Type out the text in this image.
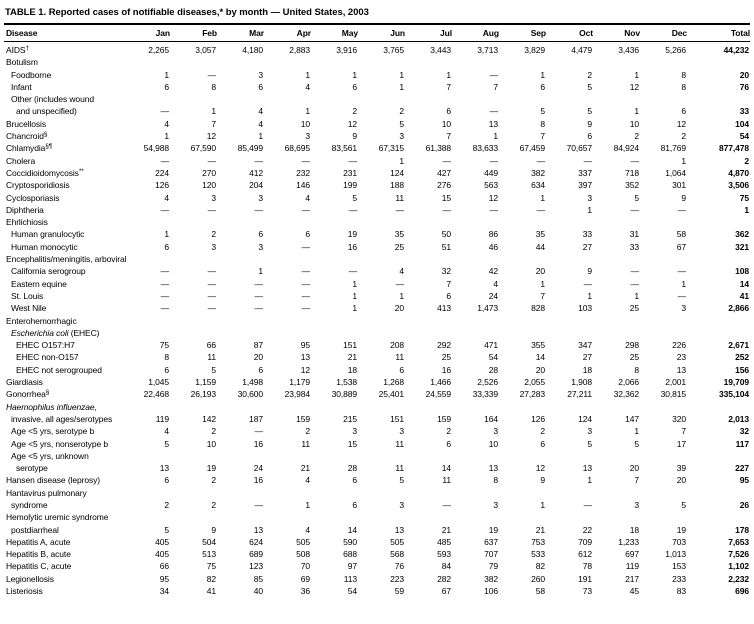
TABLE 1. Reported cases of notifiable diseases,* by month — United States, 2003
Disease	Jan	Feb	Mar	Apr	May	Jun	Jul	Aug	Sep	Oct	Nov	Dec	Total
AIDS†	2,265	3,057	4,180	2,883	3,916	3,765	3,443	3,713	3,829	4,479	3,436	5,266	44,232
Botulism													
Foodborne	1	—	3	1	1	1	1	—	1	2	1	8	20
Infant	6	8	6	4	6	1	7	7	6	5	12	8	76
Other (includes wound													
and unspecified)	—	1	4	1	2	2	6	—	5	5	1	6	33
Brucellosis	4	7	4	10	12	5	10	13	8	9	10	12	104
Chancroid§	1	12	1	3	9	3	7	1	7	6	2	2	54
Chlamydia§¶	54,988	67,590	85,499	68,695	83,561	67,315	61,388	83,633	67,459	70,657	84,924	81,769	877,478
Cholera	—	—	—	—	—	1	—	—	—	—	—	1	2
Coccidioidomycosis**	224	270	412	232	231	124	427	449	382	337	718	1,064	4,870
Cryptosporidiosis	126	120	204	146	199	188	276	563	634	397	352	301	3,506
Cyclosporiasis	4	3	3	4	5	11	15	12	1	3	5	9	75
Diphtheria	—	—	—	—	—	—	—	—	—	1	—	—	1
Ehrlichiosis													
Human granulocytic	1	2	6	6	19	35	50	86	35	33	31	58	362
Human monocytic	6	3	3	—	16	25	51	46	44	27	33	67	321
Encephalitis/meningitis, arboviral													
California serogroup	—	—	1	—	—	4	32	42	20	9	—	—	108
Eastern equine	—	—	—	—	1	—	7	4	1	—	—	1	14
St. Louis	—	—	—	—	1	1	6	24	7	1	1	—	41
West Nile	—	—	—	—	1	20	413	1,473	828	103	25	3	2,866
Enterohemorrhagic													
Escherichia coli (EHEC)													
EHEC O157:H7	75	66	87	95	151	208	292	471	355	347	298	226	2,671
EHEC non-O157	8	11	20	13	21	11	25	54	14	27	25	23	252
EHEC not serogrouped	6	5	6	12	18	6	16	28	20	18	8	13	156
Giardiasis	1,045	1,159	1,498	1,179	1,538	1,268	1,466	2,526	2,055	1,908	2,066	2,001	19,709
Gonorrhea§	22,468	26,193	30,600	23,984	30,889	25,401	24,559	33,339	27,283	27,211	32,362	30,815	335,104
Haemophilus influenzae,													
invasive, all ages/serotypes	119	142	187	159	215	151	159	164	126	124	147	320	2,013
Age <5 yrs, serotype b	4	2	—	2	3	3	2	3	2	3	1	7	32
Age <5 yrs, nonserotype b	5	10	16	11	15	11	6	10	6	5	5	17	117
Age <5 yrs, unknown													
serotype	13	19	24	21	28	11	14	13	12	13	20	39	227
Hansen disease (leprosy)	6	2	16	4	6	5	11	8	9	1	7	20	95
Hantavirus pulmonary													
syndrome	2	2	—	1	6	3	—	3	1	—	3	5	26
Hemolytic uremic syndrome													
postdiarrheal	5	9	13	4	14	13	21	19	21	22	18	19	178
Hepatitis A, acute	405	504	624	505	590	505	485	637	753	709	1,233	703	7,653
Hepatitis B, acute	405	513	689	508	688	568	593	707	533	612	697	1,013	7,526
Hepatitis C, acute	66	75	123	70	97	76	84	79	82	78	119	153	1,102
Legionellosis	95	82	85	69	113	223	282	382	260	191	217	233	2,232
Listeriosis	34	41	40	36	54	59	67	106	58	73	45	83	696
